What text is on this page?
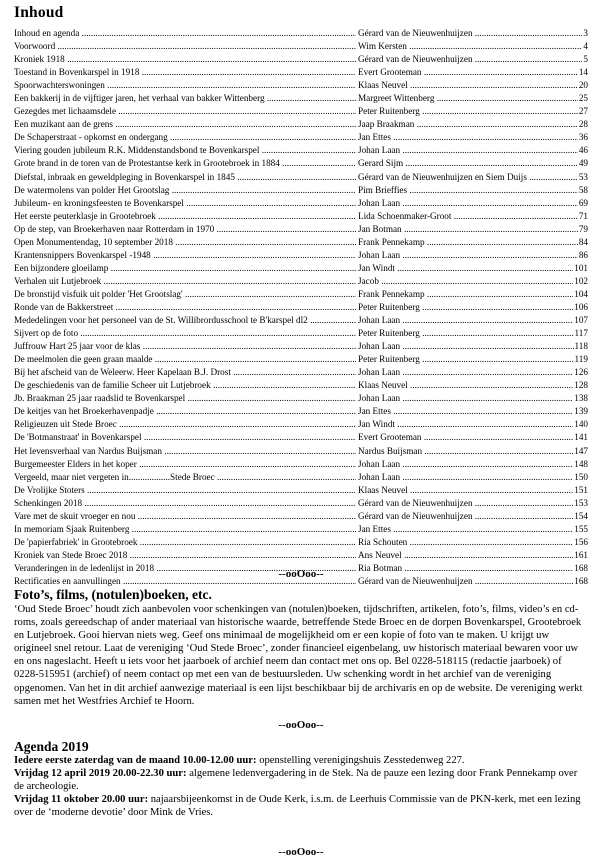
Inhoud
Inhoud en agenda .....	Gérard van de Nieuwenhuijzen .....	3
Voorwoord .....	Wim Kersten .....	4
Kroniek 1918 .....	Gérard van de Nieuwenhuijzen .....	5
Toestand in Bovenkarspel in 1918 .....	Evert Grooteman .....	14
Spoorwachterswoningen .....	Klaas Neuvel .....	20
Een bakkerij in de vijftiger jaren, het verhaal van bakker Wittenberg .....	Margreet Wittenberg .....	25
Gezegdes met lichaamsdele .....	Peter Ruitenberg .....	27
Een muzikant aan de grens .....	Jaap Braakman .....	28
De Schaperstraat - opkomst en ondergang .....	Jan Ettes .....	36
Viering gouden jubileum R.K. Middenstandsbond te Bovenkarspel .....	Johan Laan .....	46
Grote brand in de toren van de Protestantse kerk in Grootebroek in 1884 .....	Gerard Sijm .....	49
Diefstal, inbraak en geweldpleging in Bovenkarspel in 1845 .....	Gérard van de Nieuwenhuijzen en Siem Duijs .....	53
De watermolens van polder Het Grootslag .....	Pim Brieffies .....	58
Jubileum- en kroningsfeesten te Bovenkarspel .....	Johan Laan .....	69
Het eerste peuterklasje in Grootebroek .....	Lida Schoenmaker-Groot .....	71
Op de step, van Broekerhaven naar Rotterdam in 1970 .....	Jan Botman .....	79
Open Monumentendag, 10 september 2018 .....	Frank Pennekamp .....	84
Krantensnippers Bovenkarspel -1948 .....	Johan Laan .....	86
Een bijzondere gloeilamp .....	Jan Windt .....	101
Verhalen uit Lutjebroek .....	Jacob .....	102
De bronstijd visfuik uit polder 'Het Grootslag' .....	Frank Pennekamp .....	104
Ronde van de Bakkerstreet .....	Peter Ruitenberg .....	106
Mededelingen voor het personeel van de St. Willibrordusschool te B'karspel dl2 .....	Johan Laan .....	107
Sijvert op de foto .....	Peter Ruitenberg .....	117
Juffrouw Hart 25 jaar voor de klas .....	Johan Laan .....	118
De meelmolen die geen graan maalde .....	Peter Ruitenberg .....	119
Bij het afscheid van de Weleerw. Heer Kapelaan B.J. Drost .....	Johan Laan .....	126
De geschiedenis van de familie Scheer uit Lutjebroek .....	Klaas Neuvel .....	128
Jb. Braakman 25 jaar raadslid te Bovenkarspel .....	Johan Laan .....	138
De keitjes van het Broekerhavenpadje .....	Jan Ettes .....	139
Religieuzen uit Stede Broec .....	Jan Windt .....	140
De 'Botmanstraat' in Bovenkarspel .....	Evert Grooteman .....	141
Het levensverhaal van Nardus Buijsman .....	Nardus Buijsman .....	147
Burgemeester Elders in het koper .....	Johan Laan .....	148
Vergeeld, maar niet vergeten in..................Stede Broec .....	Johan Laan .....	150
De Vrolijke Stoters .....	Klaas Neuvel .....	151
Schenkingen 2018 .....	Gérard van de Nieuwenhuijzen .....	153
Vare met de skuit vroeger en nou .....	Gérard van de Nieuwenhuijzen .....	154
In memoriam Sjaak Ruitenberg .....	Jan Ettes .....	155
De 'papierfabriek' in Grootebroek .....	Ria Schouten .....	156
Kroniek van Stede Broec 2018 .....	Ans Neuvel .....	161
Veranderingen in de ledenlijst in 2018 .....	Ria Botman .....	168
Rectificaties en aanvullingen .....	Gérard van de Nieuwenhuijzen .....	168
--ooOoo--
Foto’s, films, (notulen)boeken, etc.
‘Oud Stede Broec’ houdt zich aanbevolen voor schenkingen van (notulen)boeken, tijdschriften, artikelen, foto’s, films, video’s en cd-roms, zoals gereedschap of ander materiaal van historische waarde, betreffende Stede Broec en de dorpen Bovenkarspel, Grootebroek en Lutjebroek. Gooi hiervan niets weg. Geef ons minimaal de mogelijkheid om er een kopie of foto van te maken. U krijgt uw origineel snel retour. Laat de vereniging ‘Oud Stede Broec’, zonder financieel eigenbelang, uw historisch materiaal bewaren voor uw en ons nageslacht. Heeft u iets voor het jaarboek of archief neem dan contact met ons op. Bel 0228-518115 (redactie jaarboek) of 0228-515951 (archief) of neem contact op met een van de bestuursleden. Uw schenking wordt in het archief van de vereniging opgenomen. Van het in dit archief aanwezige materiaal is een lijst beschikbaar bij de archivaris en op de website. De vereniging werkt samen met het Westfries Archief te Hoorn.
--ooOoo--
Agenda 2019
Iedere eerste zaterdag van de maand 10.00-12.00 uur: openstelling verenigingshuis Zesstedenweg 227.
Vrijdag 12 april 2019 20.00-22.30 uur: algemene ledenvergadering in de Stek. Na de pauze een lezing door Frank Pennekamp over de archeologie.
Vrijdag 11 oktober 20.00 uur: najaarsbijeenkomst in de Oude Kerk, i.s.m. de Leerhuis Commissie van de PKN-kerk, met een lezing over de ‘moderne devotie’ door Mink de Vries.
--ooOoo--
